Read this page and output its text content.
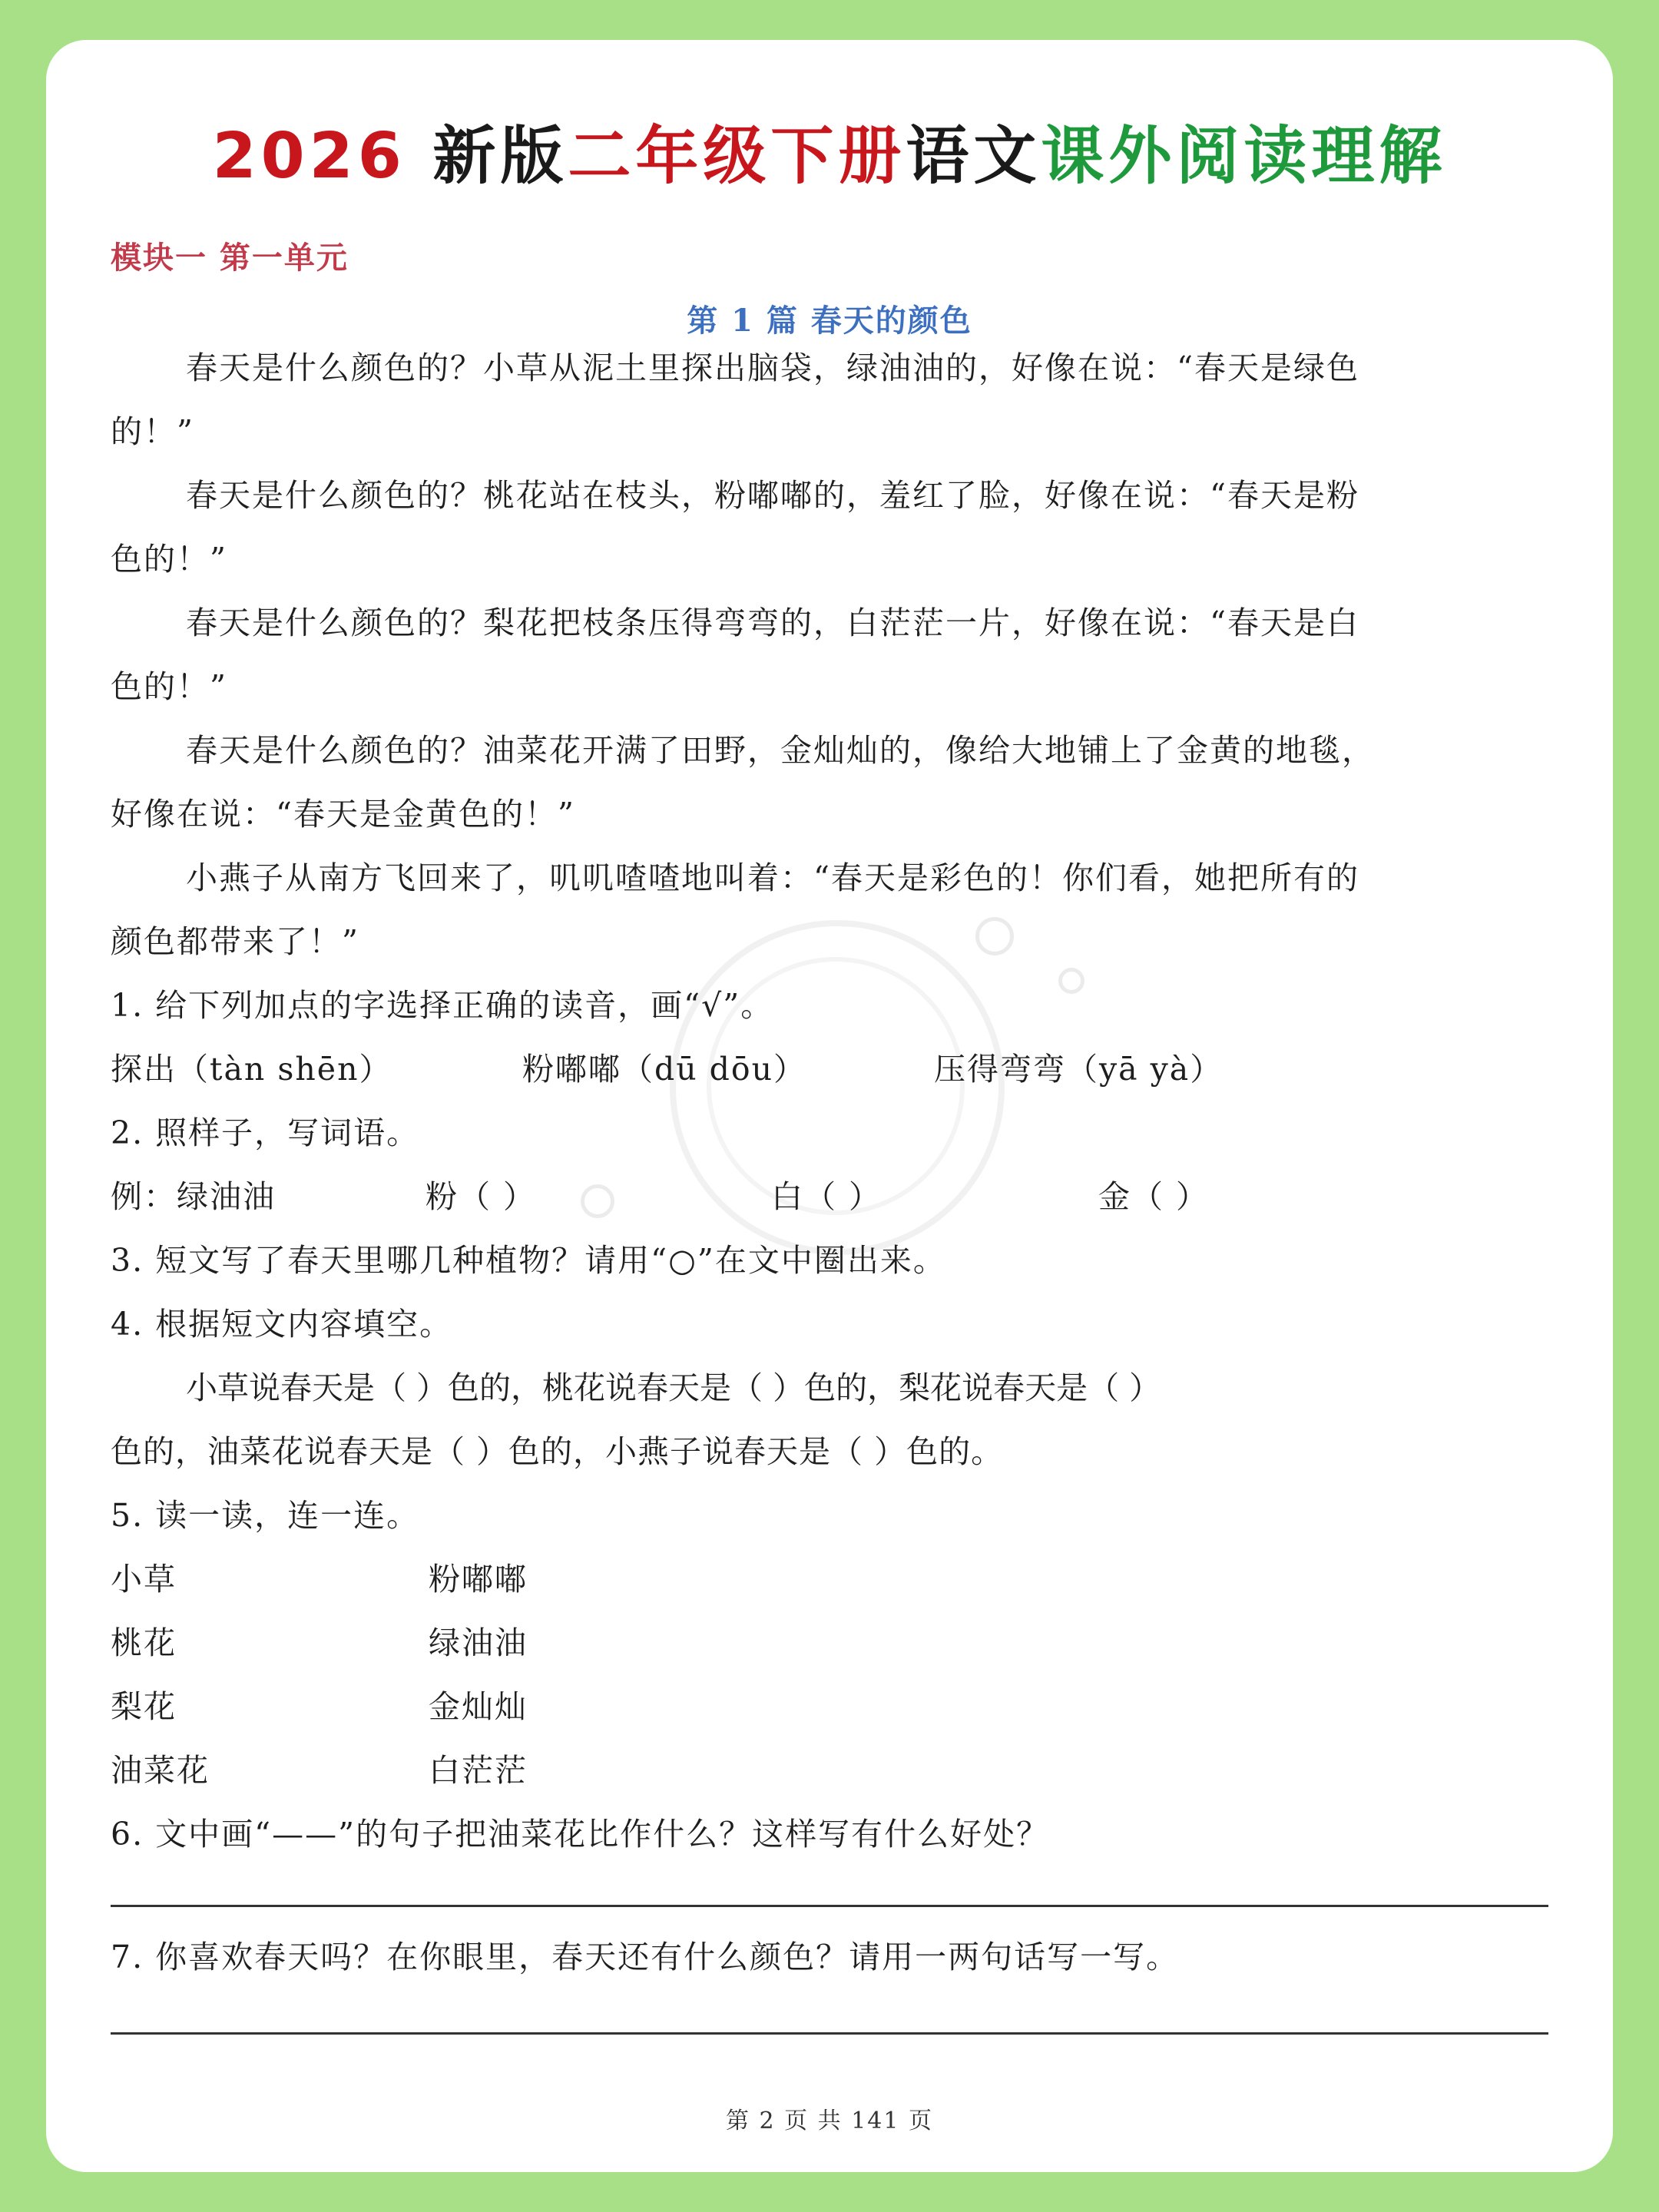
2026 新版二年级下册语文课外阅读理解
模块一 第一单元
第 1 篇 春天的颜色
春天是什么颜色的？小草从泥土里探出脑袋，绿油油的，好像在说：“春天是绿色
的！”
春天是什么颜色的？桃花站在枝头，粉嘟嘟的，羞红了脸，好像在说：“春天是粉
色的！”
春天是什么颜色的？梨花把枝条压得弯弯的，白茫茫一片，好像在说：“春天是白
色的！”
春天是什么颜色的？油菜花开满了田野，金灿灿的，像给大地铺上了金黄的地毯，
好像在说：“春天是金黄色的！”
小燕子从南方飞回来了，叽叽喳喳地叫着：“春天是彩色的！你们看，她把所有的
颜色都带来了！”
1. 给下列加点的字选择正确的读音，画“√”。
探出（tàn shēn）	粉嘟嘟（dū dōu）	压得弯弯（yā yà）
2. 照样子，写词语。
例：绿油油	粉（ ）	白（ ）	金（ ）
3. 短文写了春天里哪几种植物？请用“○”在文中圈出来。
4. 根据短文内容填空。
小草说春天是（ ）色的，桃花说春天是（ ）色的，梨花说春天是（ ）
色的，油菜花说春天是（ ）色的，小燕子说春天是（ ）色的。
5. 读一读，连一连。
小草	粉嘟嘟
桃花	绿油油
梨花	金灿灿
油菜花	白茫茫
6. 文中画“——”的句子把油菜花比作什么？这样写有什么好处？
7. 你喜欢春天吗？在你眼里，春天还有什么颜色？请用一两句话写一写。
第 2 页 共 141 页
